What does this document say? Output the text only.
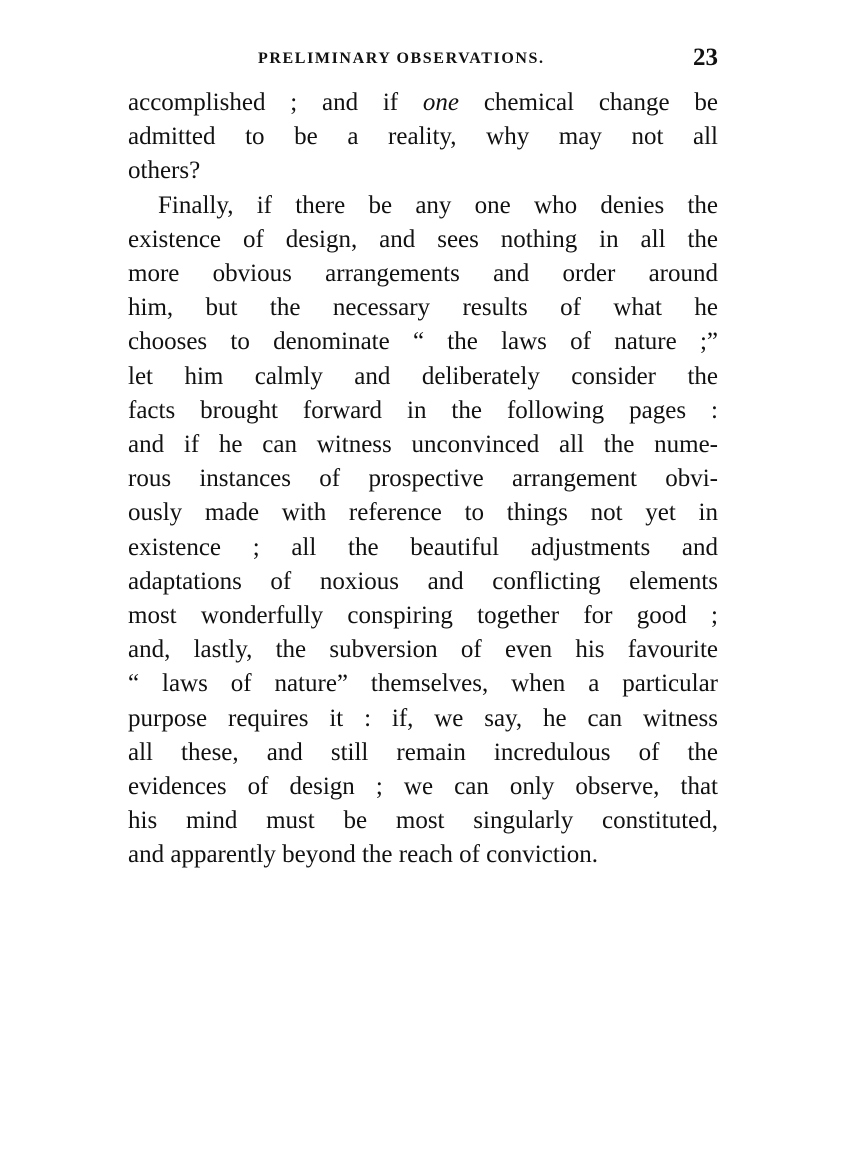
PRELIMINARY OBSERVATIONS.	23

accomplished ; and if one chemical change be
admitted to be a reality, why may not all
others?

Finally, if there be any one who denies the
existence of design, and sees nothing in all the
more obvious arrangements and order around
him, but the necessary results of what he
chooses to denominate “ the laws of nature ;”
let him calmly and deliberately consider the
facts brought forward in the following pages :
and if he can witness unconvinced all the nume-
rous instances of prospective arrangement obvi-
ously made with reference to things not yet in
existence ; all the beautiful adjustments and
adaptations of noxious and conflicting elements
most wonderfully conspiring together for good ;
and, lastly, the subversion of even his favourite
“ laws of nature” themselves, when a particular
purpose requires it : if, we say, he can witness
all these, and still remain incredulous of the
evidences of design ; we can only observe, that
his mind must be most singularly constituted,
and apparently beyond the reach of conviction.
